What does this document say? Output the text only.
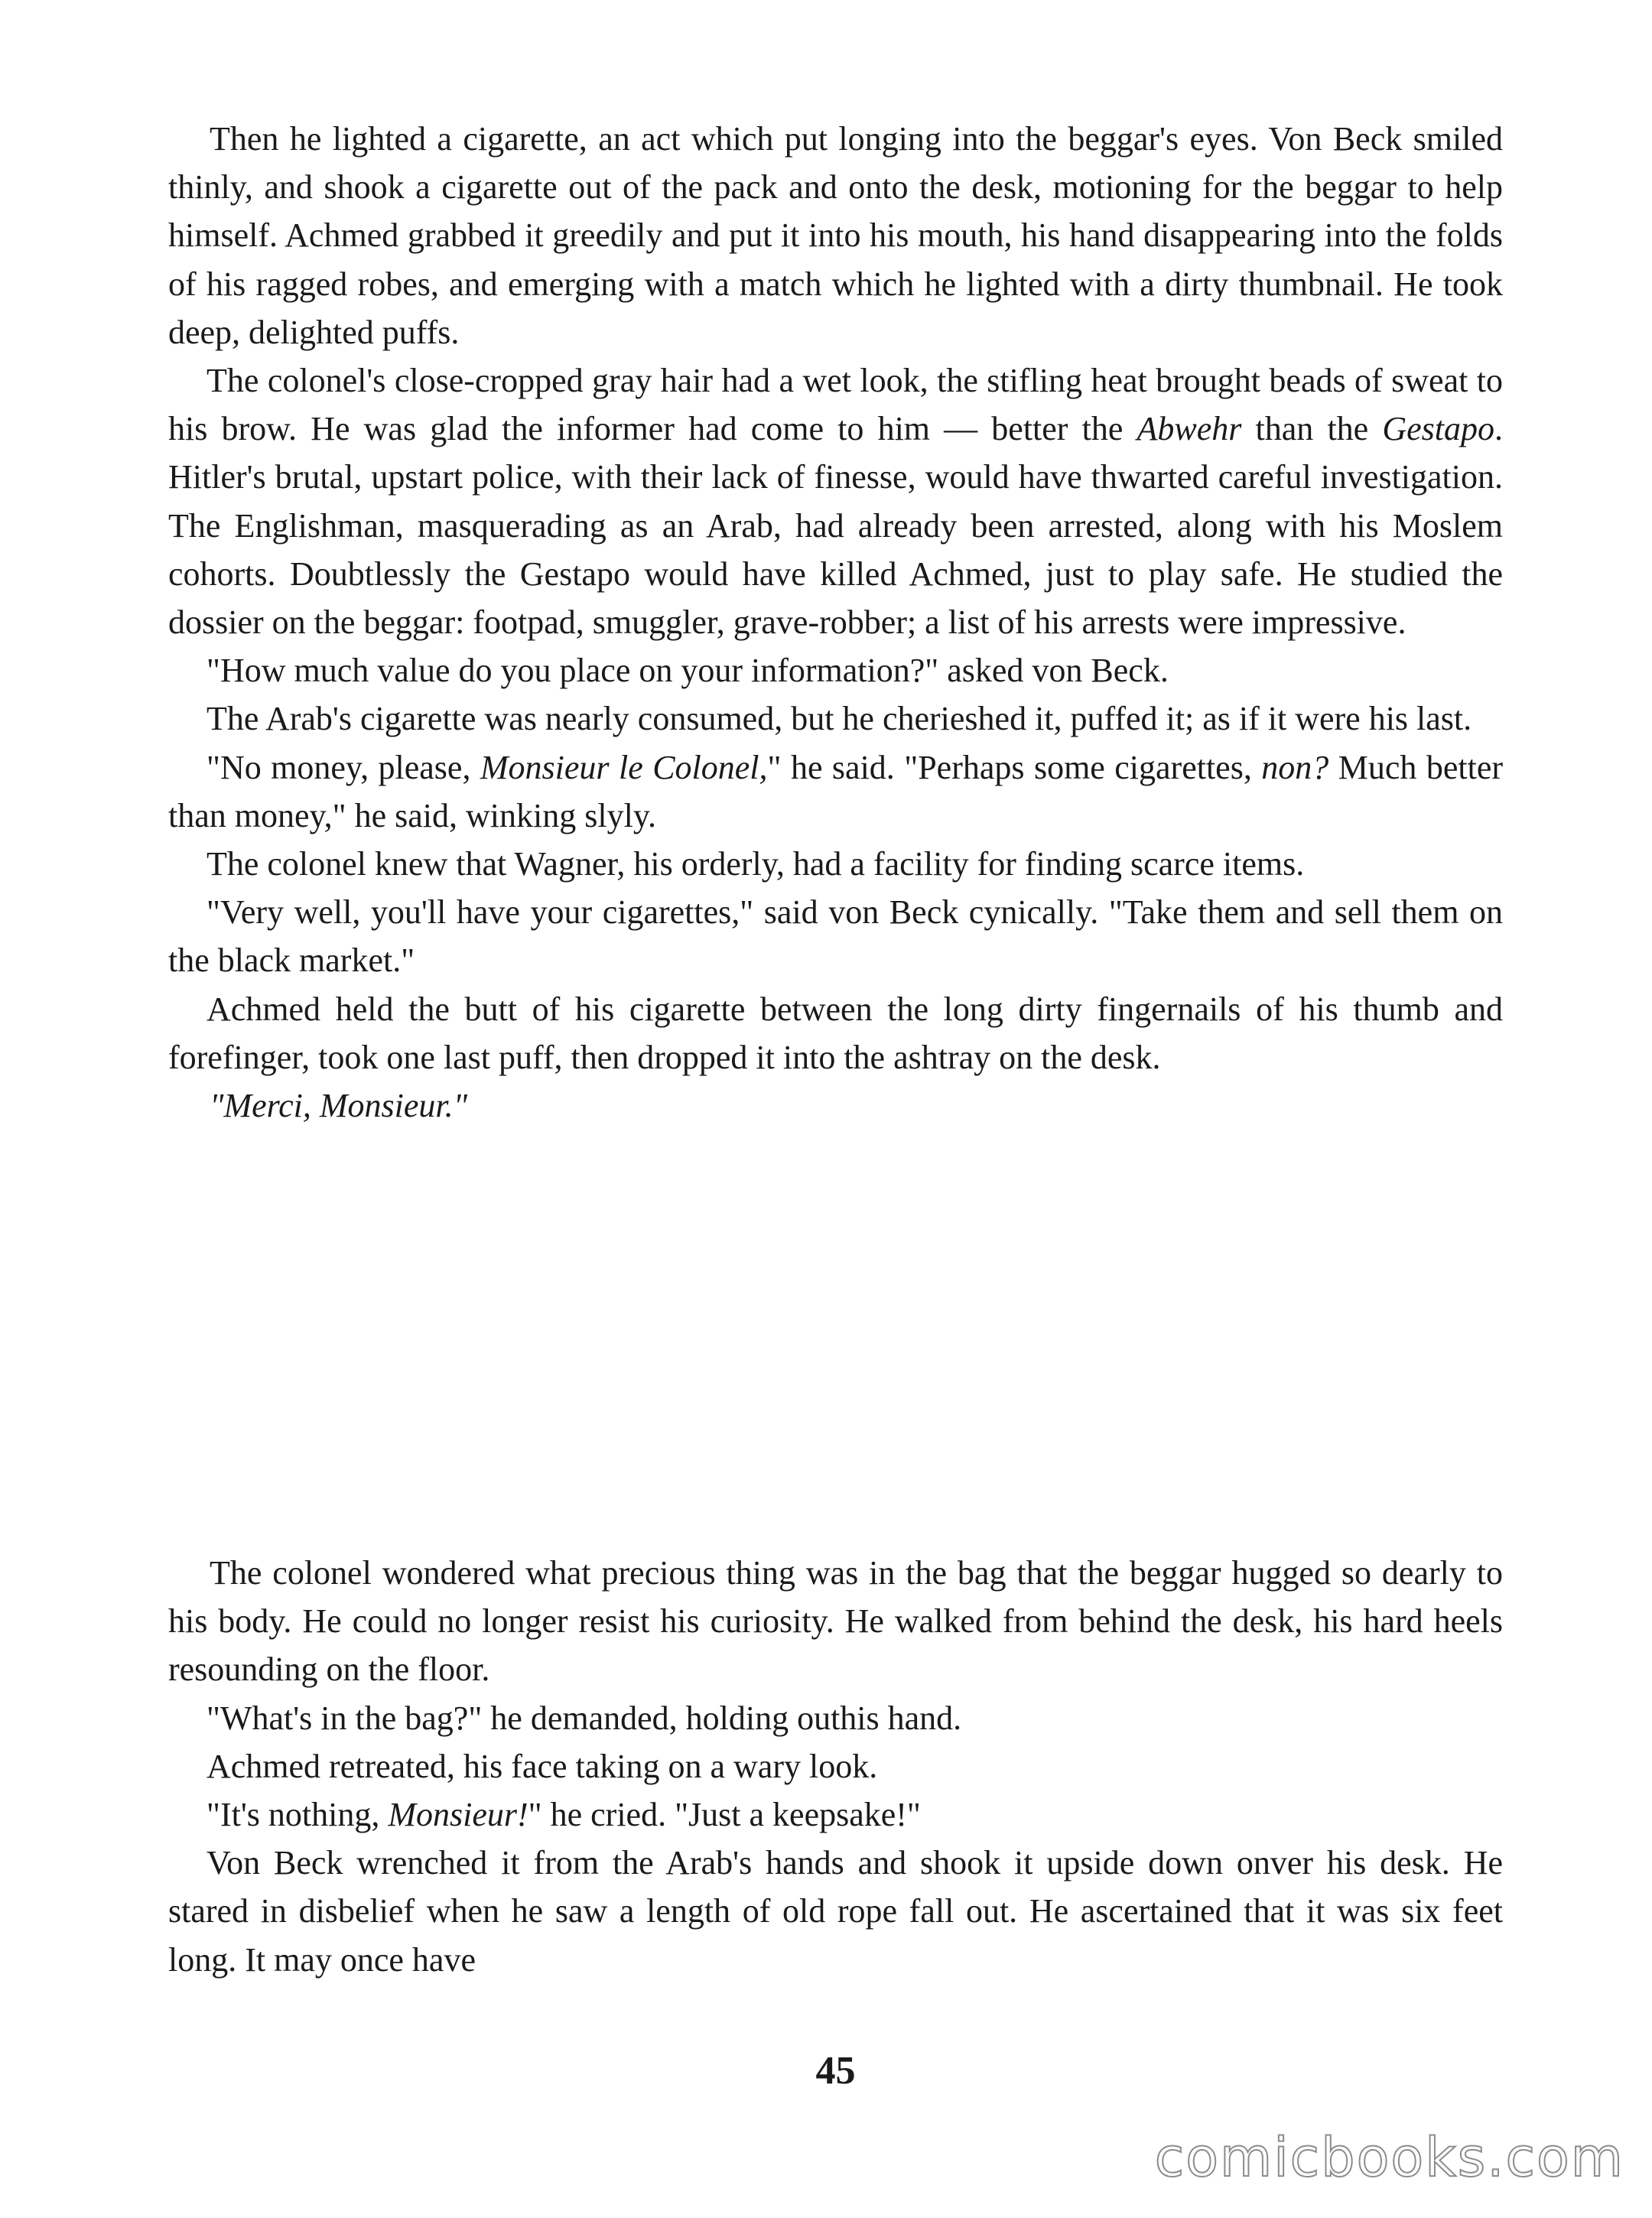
Then he lighted a cigarette, an act which put longing into the beggar's eyes. Von Beck smiled thinly, and shook a cigarette out of the pack and onto the desk, motioning for the beggar to help himself. Achmed grabbed it greedily and put it into his mouth, his hand disappearing into the folds of his ragged robes, and emerging with a match which he lighted with a dirty thumbnail. He took deep, delighted puffs.

The colonel's close-cropped gray hair had a wet look, the stifling heat brought beads of sweat to his brow. He was glad the informer had come to him — better the Abwehr than the Gestapo. Hitler's brutal, upstart police, with their lack of finesse, would have thwarted careful investigation. The Englishman, masquerading as an Arab, had already been arrested, along with his Moslem cohorts. Doubtlessly the Gestapo would have killed Achmed, just to play safe. He studied the dossier on the beggar: footpad, smuggler, grave-robber; a list of his arrests were impressive.

"How much value do you place on your information?" asked von Beck.

The Arab's cigarette was nearly consumed, but he cherieshed it, puffed it; as if it were his last.

"No money, please, Monsieur le Colonel," he said. "Perhaps some cigarettes, non? Much better than money," he said, winking slyly.

The colonel knew that Wagner, his orderly, had a facility for finding scarce items.

"Very well, you'll have your cigarettes," said von Beck cynically. "Take them and sell them on the black market."

Achmed held the butt of his cigarette between the long dirty fingernails of his thumb and forefinger, took one last puff, then dropped it into the ashtray on the desk.

"Merci, Monsieur."

The colonel wondered what precious thing was in the bag that the beggar hugged so dearly to his body. He could no longer resist his curiosity. He walked from behind the desk, his hard heels resounding on the floor.

"What's in the bag?" he demanded, holding outhis hand.

Achmed retreated, his face taking on a wary look.

"It's nothing, Monsieur!" he cried. "Just a keepsake!"

Von Beck wrenched it from the Arab's hands and shook it upside down onver his desk. He stared in disbelief when he saw a length of old rope fall out. He ascertained that it was six feet long. It may once have

45
comicbooks.com
